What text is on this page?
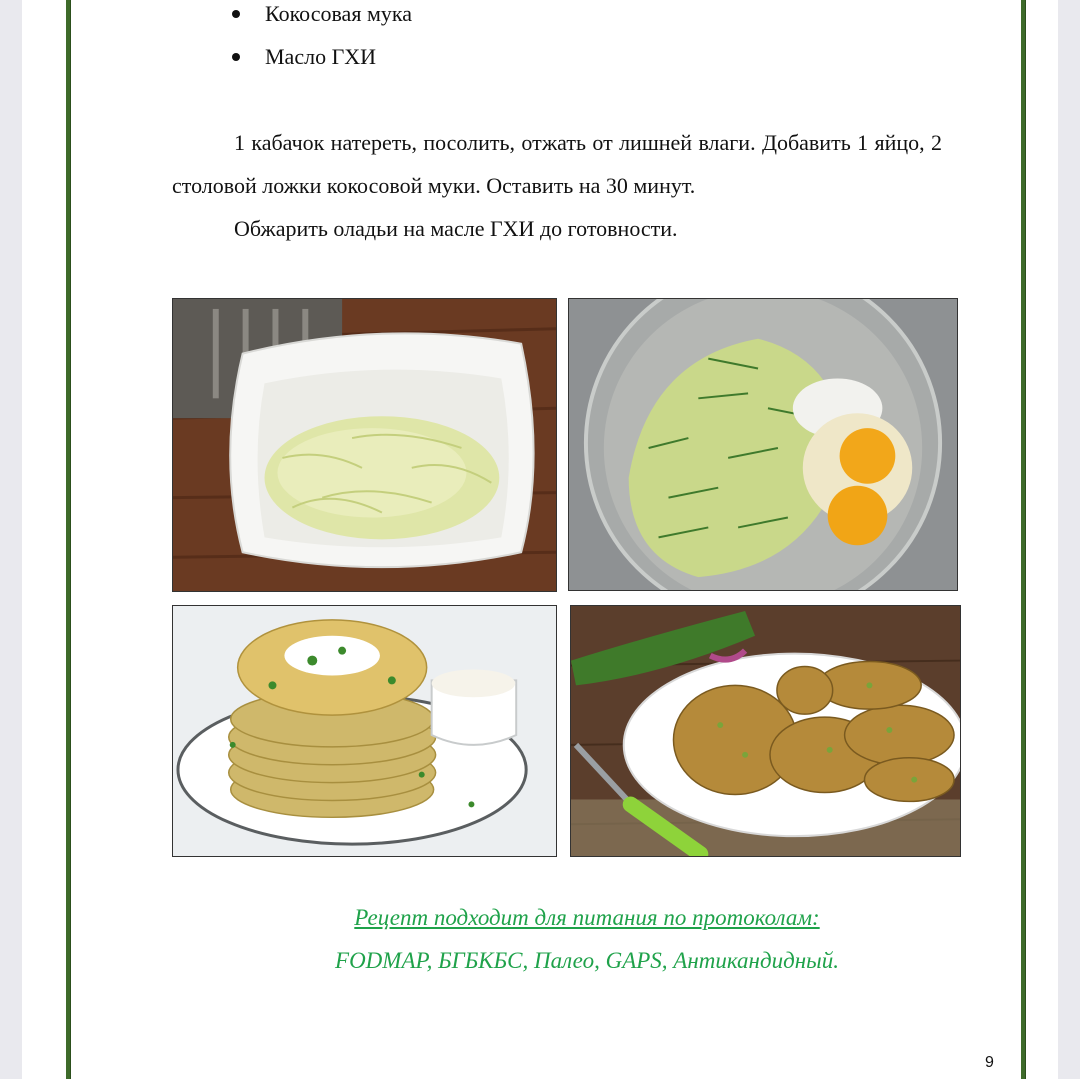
Кокосовая мука
Масло ГХИ

1 кабачок натереть, посолить, отжать от лишней влаги. Добавить 1 яйцо, 2 столовой ложки кокосовой муки. Оставить на 30 минут.

Обжарить оладьи на масле ГХИ до готовности.

Рецепт подходит для питания по протоколам:
FODMAP, БГБКБС, Палео, GAPS, Антикандидный.
9
